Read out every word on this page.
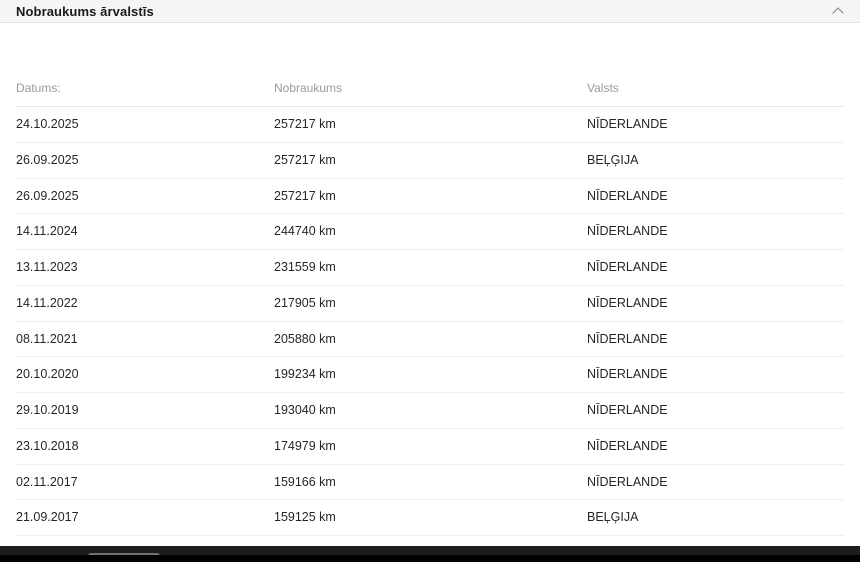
Nobraukums ārvalstīs
Datums:	Nobraukums	Valsts
24.10.2025	257217 km	NĪDERLANDE
26.09.2025	257217 km	BEĻĢIJA
26.09.2025	257217 km	NĪDERLANDE
14.11.2024	244740 km	NĪDERLANDE
13.11.2023	231559 km	NĪDERLANDE
14.11.2022	217905 km	NĪDERLANDE
08.11.2021	205880 km	NĪDERLANDE
20.10.2020	199234 km	NĪDERLANDE
29.10.2019	193040 km	NĪDERLANDE
23.10.2018	174979 km	NĪDERLANDE
02.11.2017	159166 km	NĪDERLANDE
21.09.2017	159125 km	BEĻĢIJA
